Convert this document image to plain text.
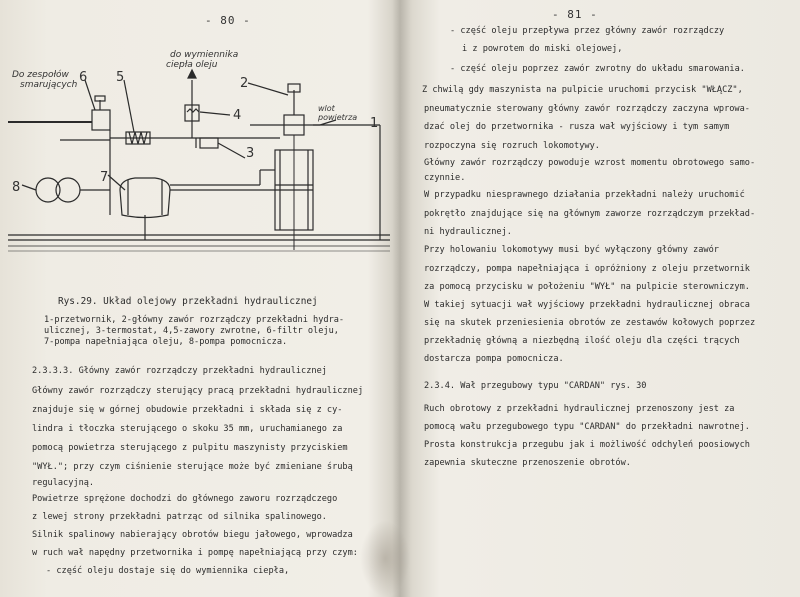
- 80 -
Do zespołów
smarujących
do wymiennika
ciepła oleju
wlot
powietrza 1
2
3
4
5
6
7
8
Rys.29. Układ olejowy przekładni hydraulicznej
1-przetwornik, 2-główny zawór rozrządczy przekładni hydra-
ulicznej, 3-termostat, 4,5-zawory zwrotne, 6-filtr oleju,
7-pompa napełniająca oleju, 8-pompa pomocnicza.
2.3.3.3. Główny zawór rozrządczy przekładni hydraulicznej
Główny zawór rozrządczy sterujący pracą przekładni hydraulicznej
znajduje się w górnej obudowie przekładni i składa się z cy-
lindra i tłoczka sterującego o skoku 35 mm, uruchamianego za
pomocą powietrza sterującego z pulpitu maszynisty przyciskiem
"WYŁ."; przy czym ciśnienie sterujące może być zmieniane śrubą
regulacyjną.
Powietrze sprężone dochodzi do głównego zaworu rozrządczego
z lewej strony przekładni patrząc od silnika spalinowego.
Silnik spalinowy nabierający obrotów biegu jałowego, wprowadza
w ruch wał napędny przetwornika i pompę napełniającą przy czym:
- część oleju dostaje się do wymiennika ciepła,
- 81 -
- część oleju przepływa przez główny zawór rozrządczy
i z powrotem do miski olejowej,
- część oleju poprzez zawór zwrotny do układu smarowania.
Z chwilą gdy maszynista na pulpicie uruchomi przycisk "WŁĄCZ",
pneumatycznie sterowany główny zawór rozrządczy zaczyna wprowa-
dzać olej do przetwornika - rusza wał wyjściowy i tym samym
rozpoczyna się rozruch lokomotywy.
Główny zawór rozrządczy powoduje wzrost momentu obrotowego samo-
czynnie.
W przypadku niesprawnego działania przekładni należy uruchomić
pokrętło znajdujące się na głównym zaworze rozrządczym przekład-
ni hydraulicznej.
Przy holowaniu lokomotywy musi być wyłączony główny zawór
rozrządczy, pompa napełniająca i opróżniony z oleju przetwornik
za pomocą przycisku w położeniu "WYŁ" na pulpicie sterowniczym.
W takiej sytuacji wał wyjściowy przekładni hydraulicznej obraca
się na skutek przeniesienia obrotów ze zestawów kołowych poprzez
przekładnię główną a niezbędną ilość oleju dla części trących
dostarcza pompa pomocnicza.
2.3.4. Wał przegubowy typu "CARDAN" rys. 30
Ruch obrotowy z przekładni hydraulicznej przenoszony jest za
pomocą wału przegubowego typu "CARDAN" do przekładni nawrotnej.
Prosta konstrukcja przegubu jak i możliwość odchyleń poosiowych
zapewnia skuteczne przenoszenie obrotów.
